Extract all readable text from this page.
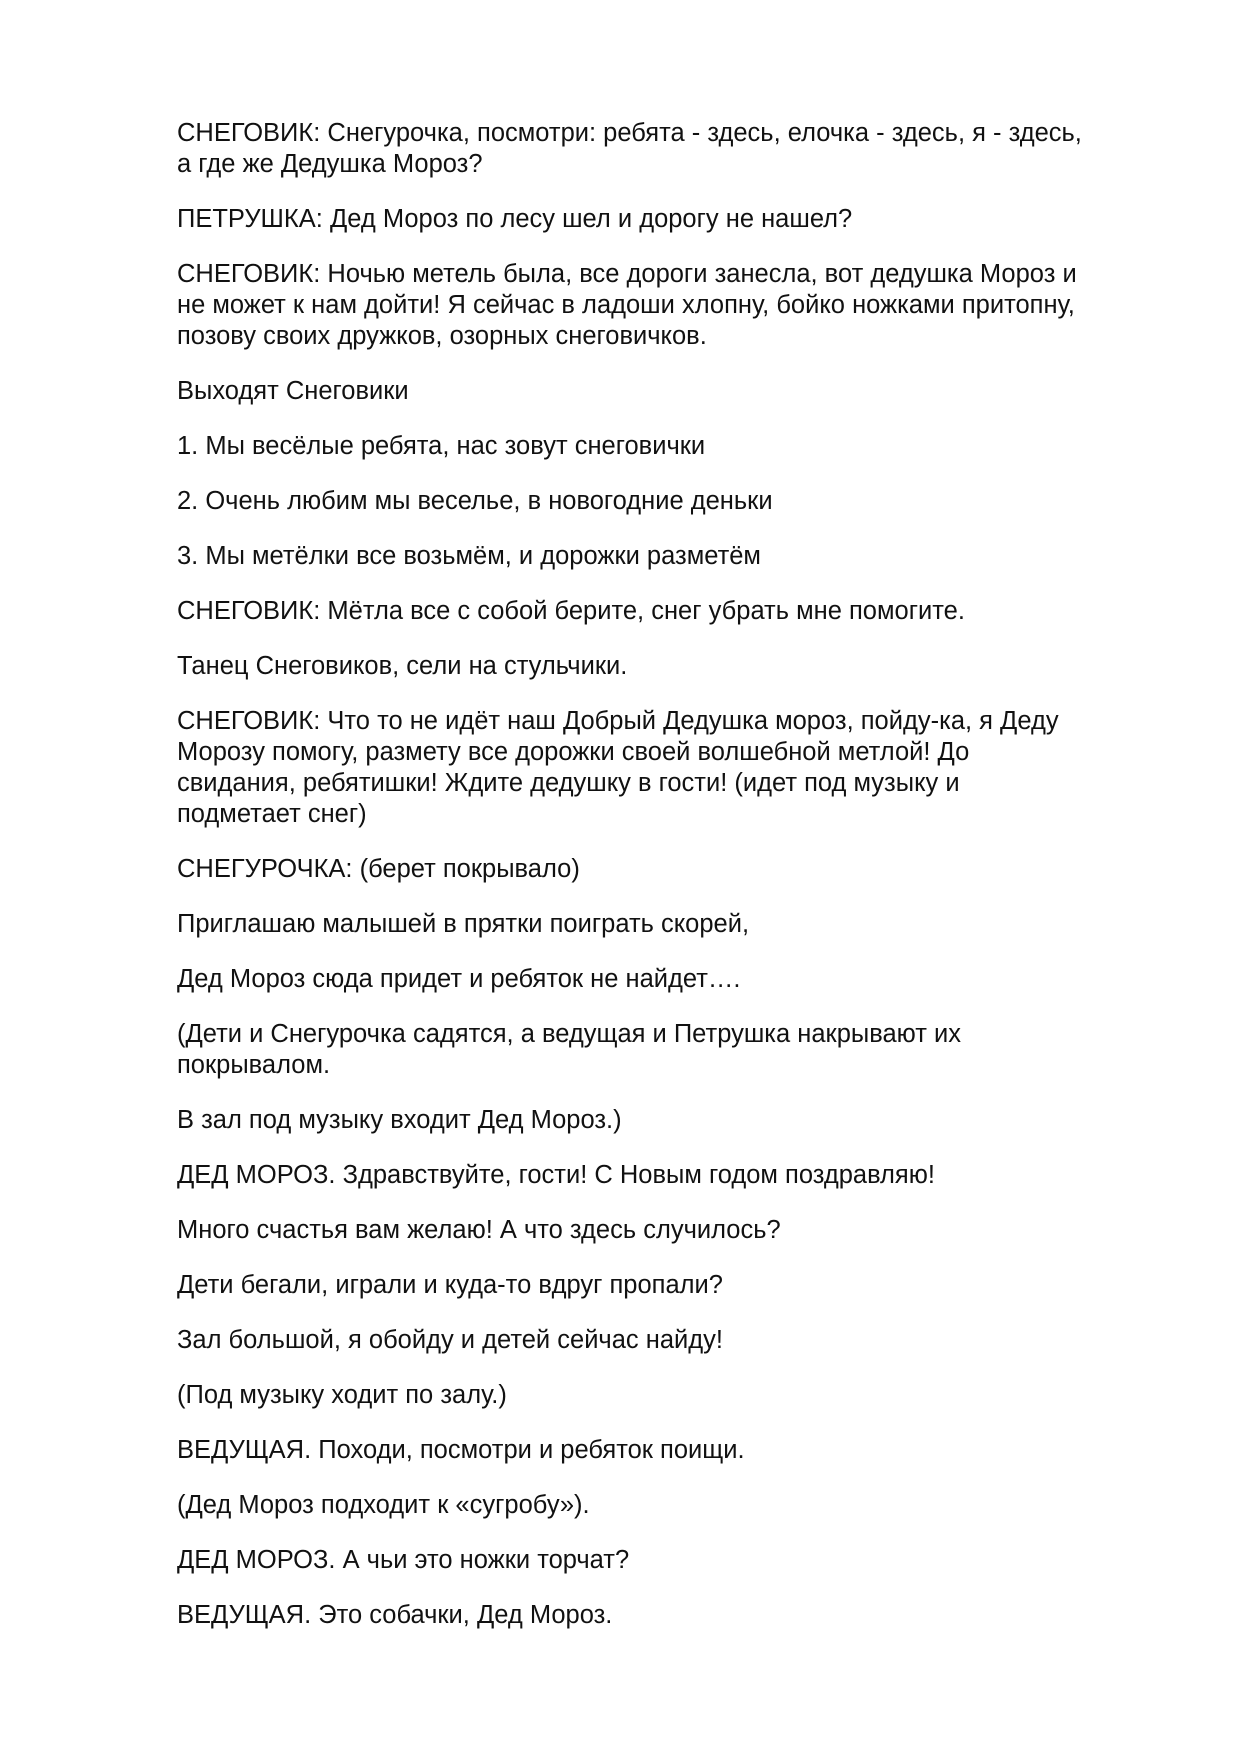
СНЕГОВИК: Снегурочка, посмотри: ребята - здесь, елочка - здесь, я - здесь,
а где же Дедушка Мороз?

ПЕТРУШКА: Дед Мороз по лесу шел и дорогу не нашел?

СНЕГОВИК: Ночью метель была, все дороги занесла, вот дедушка Мороз и
не может к нам дойти! Я сейчас в ладоши хлопну, бойко ножками притопну,
позову своих дружков, озорных снеговичков.

Выходят Снеговики

1. Мы весёлые ребята, нас зовут снеговички

2. Очень любим мы веселье, в новогодние деньки

3. Мы метёлки все возьмём, и дорожки разметём

СНЕГОВИК: Мётла все с собой берите, снег убрать мне помогите.

Танец Снеговиков, сели на стульчики.

СНЕГОВИК: Что то не идёт наш Добрый Дедушка мороз, пойду-ка, я Деду
Морозу помогу, размету все дорожки своей волшебной метлой! До
свидания, ребятишки! Ждите дедушку в гости! (идет под музыку и
подметает снег)

СНЕГУРОЧКА: (берет покрывало)

Приглашаю малышей в прятки поиграть скорей,

Дед Мороз сюда придет и ребяток не найдет….

(Дети и Снегурочка садятся, а ведущая и Петрушка накрывают их
покрывалом.

В зал под музыку входит Дед Мороз.)

ДЕД МОРОЗ. Здравствуйте, гости! С Новым годом поздравляю!

Много счастья вам желаю! А что здесь случилось?

Дети бегали, играли и куда-то вдруг пропали?

Зал большой, я обойду и детей сейчас найду!

(Под музыку ходит по залу.)

ВЕДУЩАЯ. Походи, посмотри и ребяток поищи.

(Дед Мороз подходит к «сугробу»).

ДЕД МОРОЗ. А чьи это ножки торчат?

ВЕДУЩАЯ. Это собачки, Дед Мороз.
